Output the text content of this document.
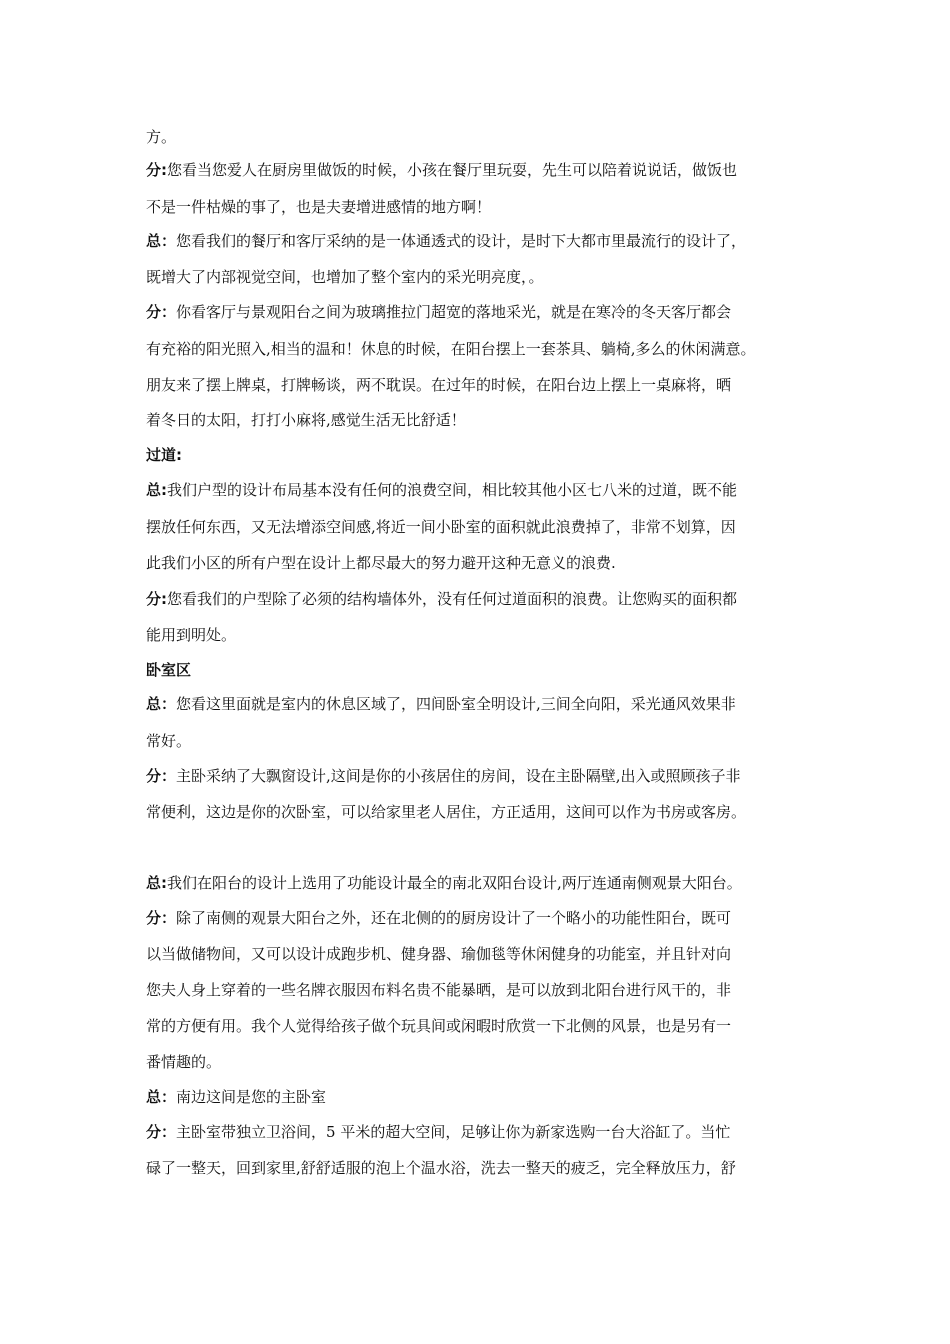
方。
分:您看当您爱人在厨房里做饭的时候，小孩在餐厅里玩耍，先生可以陪着说说话，做饭也
不是一件枯燥的事了，也是夫妻增进感情的地方啊！
总：您看我们的餐厅和客厅采纳的是一体通透式的设计，是时下大都市里最流行的设计了，
既增大了内部视觉空间，也增加了整个室内的采光明亮度，。
分：你看客厅与景观阳台之间为玻璃推拉门超宽的落地采光，就是在寒冷的冬天客厅都会
有充裕的阳光照入,相当的温和！休息的时候，在阳台摆上一套茶具、躺椅,多么的休闲满意。
朋友来了摆上牌桌，打牌畅谈，两不耽误。在过年的时候，在阳台边上摆上一桌麻将，晒
着冬日的太阳，打打小麻将,感觉生活无比舒适！
过道:
总:我们户型的设计布局基本没有任何的浪费空间，相比较其他小区七八米的过道，既不能
摆放任何东西，又无法增添空间感,将近一间小卧室的面积就此浪费掉了，非常不划算，因
此我们小区的所有户型在设计上都尽最大的努力避开这种无意义的浪费.
分:您看我们的户型除了必须的结构墙体外，没有任何过道面积的浪费。让您购买的面积都
能用到明处。
卧室区
总：您看这里面就是室内的休息区域了，四间卧室全明设计,三间全向阳，采光通风效果非
常好。
分：主卧采纳了大飘窗设计,这间是你的小孩居住的房间，设在主卧隔壁,出入或照顾孩子非
常便利，这边是你的次卧室，可以给家里老人居住，方正适用，这间可以作为书房或客房。
总:我们在阳台的设计上选用了功能设计最全的南北双阳台设计,两厅连通南侧观景大阳台。
分：除了南侧的观景大阳台之外，还在北侧的的厨房设计了一个略小的功能性阳台，既可
以当做储物间，又可以设计成跑步机、健身器、瑜伽毯等休闲健身的功能室，并且针对向
您夫人身上穿着的一些名牌衣服因布料名贵不能暴晒，是可以放到北阳台进行风干的，非
常的方便有用。我个人觉得给孩子做个玩具间或闲暇时欣赏一下北侧的风景，也是另有一
番情趣的。
总：南边这间是您的主卧室
分：主卧室带独立卫浴间，5 平米的超大空间，足够让你为新家选购一台大浴缸了。当忙
碌了一整天，回到家里,舒舒适服的泡上个温水浴，洗去一整天的疲乏，完全释放压力，舒
